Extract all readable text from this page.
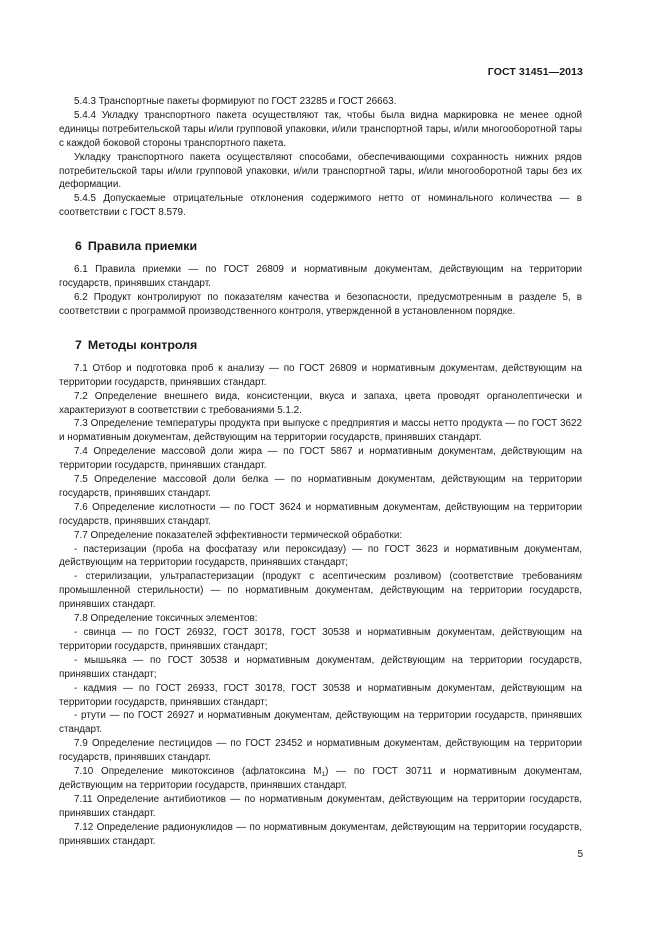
ГОСТ 31451—2013

5.4.3 Транспортные пакеты формируют по ГОСТ 23285 и ГОСТ 26663.

5.4.4 Укладку транспортного пакета осуществляют так, чтобы была видна маркировка не менее одной единицы потребительской тары и/или групповой упаковки, и/или транспортной тары, и/или многооборотной тары с каждой боковой стороны транспортного пакета.

Укладку транспортного пакета осуществляют способами, обеспечивающими сохранность нижних рядов потребительской тары и/или групповой упаковки, и/или транспортной тары, и/или многооборотной тары без их деформации.

5.4.5 Допускаемые отрицательные отклонения содержимого нетто от номинального количества — в соответствии с ГОСТ 8.579.

6 Правила приемки

6.1 Правила приемки — по ГОСТ 26809 и нормативным документам, действующим на территории государств, принявших стандарт.

6.2 Продукт контролируют по показателям качества и безопасности, предусмотренным в разделе 5, в соответствии с программой производственного контроля, утвержденной в установленном порядке.

7 Методы контроля

7.1 Отбор и подготовка проб к анализу — по ГОСТ 26809 и нормативным документам, действующим на территории государств, принявших стандарт.

7.2 Определение внешнего вида, консистенции, вкуса и запаха, цвета проводят органолептически и характеризуют в соответствии с требованиями 5.1.2.

7.3 Определение температуры продукта при выпуске с предприятия и массы нетто продукта — по ГОСТ 3622 и нормативным документам, действующим на территории государств, принявших стандарт.

7.4 Определение массовой доли жира — по ГОСТ 5867 и нормативным документам, действующим на территории государств, принявших стандарт.

7.5 Определение массовой доли белка — по нормативным документам, действующим на территории государств, принявших стандарт.

7.6 Определение кислотности — по ГОСТ 3624 и нормативным документам, действующим на территории государств, принявших стандарт.

7.7 Определение показателей эффективности термической обработки:

- пастеризации (проба на фосфатазу или пероксидазу) — по ГОСТ 3623 и нормативным документам, действующим на территории государств, принявших стандарт;

- стерилизации, ультрапастеризации (продукт с асептическим розливом) (соответствие требованиям промышленной стерильности) — по нормативным документам, действующим на территории государств, принявших стандарт.

7.8 Определение токсичных элементов:

- свинца — по ГОСТ 26932, ГОСТ 30178, ГОСТ 30538 и нормативным документам, действующим на территории государств, принявших стандарт;

- мышьяка — по ГОСТ 30538 и нормативным документам, действующим на территории государств, принявших стандарт;

- кадмия — по ГОСТ 26933, ГОСТ 30178, ГОСТ 30538 и нормативным документам, действующим на территории государств, принявших стандарт;

- ртути — по ГОСТ 26927 и нормативным документам, действующим на территории государств, принявших стандарт.

7.9 Определение пестицидов — по ГОСТ 23452 и нормативным документам, действующим на территории государств, принявших стандарт.

7.10 Определение микотоксинов (афлатоксина $M_1$) — по ГОСТ 30711 и нормативным документам, действующим на территории государств, принявших стандарт.

7.11 Определение антибиотиков — по нормативным документам, действующим на территории государств, принявших стандарт.

7.12 Определение радионуклидов — по нормативным документам, действующим на территории государств, принявших стандарт.

5
